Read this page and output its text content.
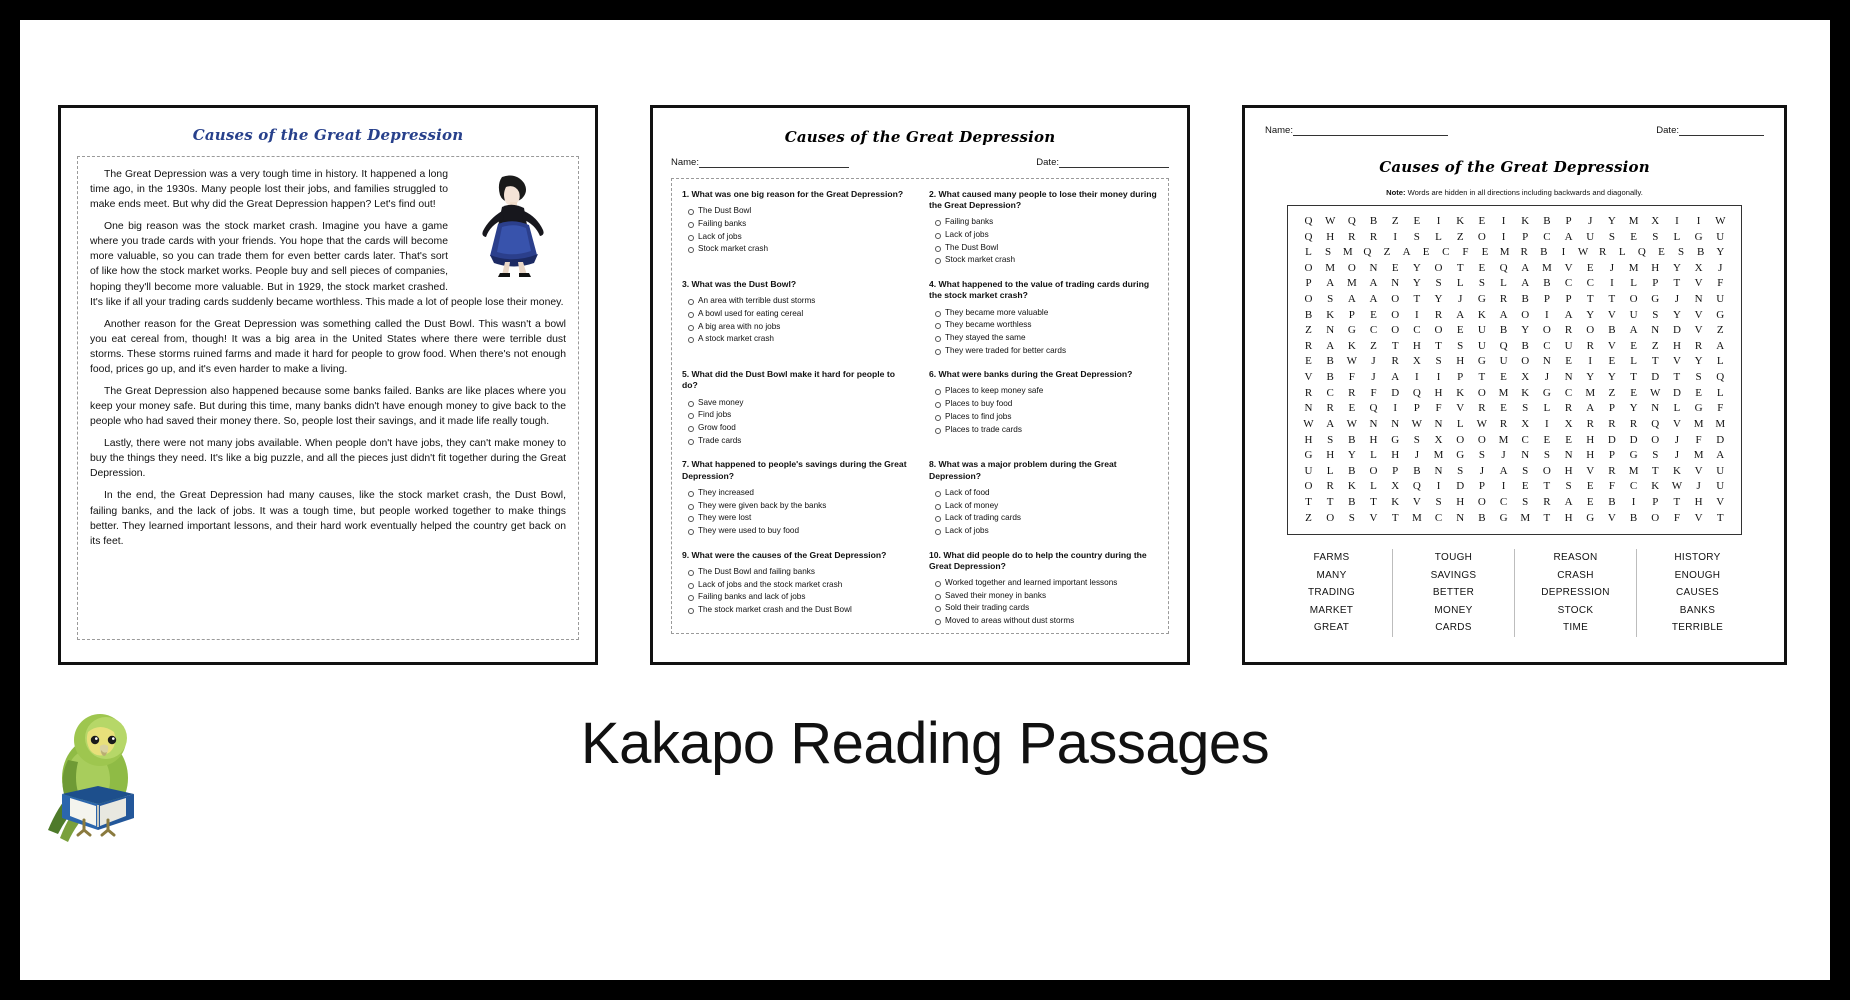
Causes of the Great Depression

The Great Depression was a very tough time in history. It happened a long time ago, in the 1930s. Many people lost their jobs, and families struggled to make ends meet. But why did the Great Depression happen? Let's find out!

One big reason was the stock market crash. Imagine you have a game where you trade cards with your friends. You hope that the cards will become more valuable, so you can trade them for even better cards later. That's sort of like how the stock market works. People buy and sell pieces of companies, hoping they'll become more valuable. But in 1929, the stock market crashed. It's like if all your trading cards suddenly became worthless. This made a lot of people lose their money.

Another reason for the Great Depression was something called the Dust Bowl. This wasn't a bowl you eat cereal from, though! It was a big area in the United States where there were terrible dust storms. These storms ruined farms and made it hard for people to grow food. When there's not enough food, prices go up, and it's even harder to make a living.

The Great Depression also happened because some banks failed. Banks are like places where you keep your money safe. But during this time, many banks didn't have enough money to give back to the people who had saved their money there. So, people lost their savings, and it made life really tough.

Lastly, there were not many jobs available. When people don't have jobs, they can't make money to buy the things they need. It's like a big puzzle, and all the pieces just didn't fit together during the Great Depression.

In the end, the Great Depression had many causes, like the stock market crash, the Dust Bowl, failing banks, and the lack of jobs. It was a tough time, but people worked together to make things better. They learned important lessons, and their hard work eventually helped the country get back on its feet.

Causes of the Great Depression
Name:	Date:
1. What was one big reason for the Great Depression?
The Dust Bowl
Failing banks
Lack of jobs
Stock market crash
2. What caused many people to lose their money during the Great Depression?
Failing banks
Lack of jobs
The Dust Bowl
Stock market crash
3. What was the Dust Bowl?
An area with terrible dust storms
A bowl used for eating cereal
A big area with no jobs
A stock market crash
4. What happened to the value of trading cards during the stock market crash?
They became more valuable
They became worthless
They stayed the same
They were traded for better cards
5. What did the Dust Bowl make it hard for people to do?
Save money
Find jobs
Grow food
Trade cards
6. What were banks during the Great Depression?
Places to keep money safe
Places to buy food
Places to find jobs
Places to trade cards
7. What happened to people's savings during the Great Depression?
They increased
They were given back by the banks
They were lost
They were used to buy food
8. What was a major problem during the Great Depression?
Lack of food
Lack of money
Lack of trading cards
Lack of jobs
9. What were the causes of the Great Depression?
The Dust Bowl and failing banks
Lack of jobs and the stock market crash
Failing banks and lack of jobs
The stock market crash and the Dust Bowl
10. What did people do to help the country during the Great Depression?
Worked together and learned important lessons
Saved their money in banks
Sold their trading cards
Moved to areas without dust storms
Name:	Date:
Causes of the Great Depression
Note: Words are hidden in all directions including backwards and diagonally.
Q	W	Q	B	Z	E	I	K	E	I	K	B	P	J	Y	M	X	I	I	W
Q	H	R	R	I	S	L	Z	O	I	P	C	A	U	S	E	S	L	G	U
L	S	M Q	Z	A	E	C	F	E	M	R	B	I	W R	L	Q	E	S	B	Y
O	M	O	N	E	Y	O	T	E	Q	A	M	V	E	J	M	H	Y	X	J
P	A	M	A	N	Y	S	L	S	L	A	B	C	C	I	L	P	T	V	F
O	S	A	A	O	T	Y	J	G	R	B	P	P	T	T	O	G	J	N	U
B	K	P	E	O	I	R	A	K	A	O	I	A	Y	V	U	S	Y	V	G
Z	N	G	C	O	C	O	E	U	B	Y	O	R	O	B	A	N	D	V	Z
R	A	K	Z	T	H	T	S	U	Q	B	C	U	R	V	E	Z	H	R	A
E	B	W	J	R	X	S	H	G	U	O	N	E	I	E	L	T	V	Y	L
V	B	F	J	A	I	I	P	T	E	X	J	N	Y	Y	T	D	T	S	Q
R	C	R	F	D	Q	H	K	O	M	K	G	C	M	Z	E	W	D	E	L
N	R	E	Q	I	P	F	V	R	E	S	L	R	A	P	Y	N	L	G	F
W	A	W	N	N	W	N	L	W	R	X	I	X	R	R	R	Q	V	M	M
H	S	B	H	G	S	X	O	O	M	C	E	E	H	D	D	O	J	F	D
G	H	Y	L	H	J	M	G	S	J	N	S	N	H	P	G	S	J	M	A
U	L	B	O	P	B	N	S	J	A	S	O	H	V	R	M	T	K	V	U
O	R	K	L	X	Q	I	D	P	I	E	T	S	E	F	C	K	W	J	U
T	T	B	T	K	V	S	H	O	C	S	R	A	E	B	I	P	T	H	V
Z	O	S	V	T	M	C	N	B	G	M	T	H	G	V	B	O	F	V	T
FARMS
MANY
TRADING
MARKET
GREAT
TOUGH
SAVINGS
BETTER
MONEY
CARDS
REASON
CRASH
DEPRESSION
STOCK
TIME
HISTORY
ENOUGH
CAUSES
BANKS
TERRIBLE
Kakapo Reading Passages
